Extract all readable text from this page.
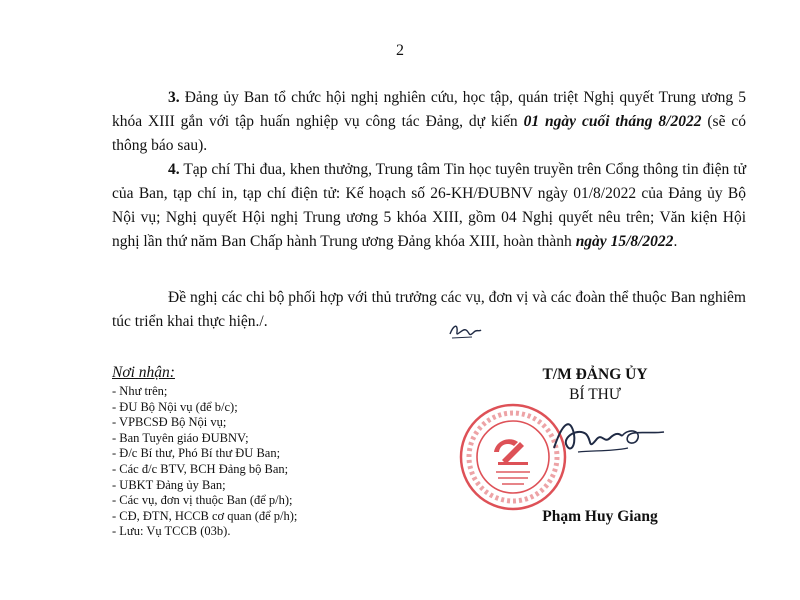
2

3. Đảng ủy Ban tổ chức hội nghị nghiên cứu, học tập, quán triệt Nghị quyết Trung ương 5 khóa XIII gắn với tập huấn nghiệp vụ công tác Đảng, dự kiến 01 ngày cuối tháng 8/2022 (sẽ có thông báo sau).

4. Tạp chí Thi đua, khen thưởng, Trung tâm Tin học tuyên truyền trên Cổng thông tin điện tử của Ban, tạp chí in, tạp chí điện tử: Kế hoạch số 26-KH/ĐUBNV ngày 01/8/2022 của Đảng ủy Bộ Nội vụ; Nghị quyết Hội nghị Trung ương 5 khóa XIII, gồm 04 Nghị quyết nêu trên; Văn kiện Hội nghị lần thứ năm Ban Chấp hành Trung ương Đảng khóa XIII, hoàn thành ngày 15/8/2022.

Đề nghị các chi bộ phối hợp với thủ trưởng các vụ, đơn vị và các đoàn thể thuộc Ban nghiêm túc triển khai thực hiện./.

Nơi nhận:
- Như trên;
- ĐU Bộ Nội vụ (để b/c);
- VPBCSĐ Bộ Nội vụ;
- Ban Tuyên giáo ĐUBNV;
- Đ/c Bí thư, Phó Bí thư ĐU Ban;
- Các đ/c BTV, BCH Đảng bộ Ban;
- UBKT Đảng ủy Ban;
- Các vụ, đơn vị thuộc Ban (để p/h);
- CĐ, ĐTN, HCCB cơ quan (để p/h);
- Lưu: Vụ TCCB (03b).
T/M ĐẢNG ỦY
BÍ THƯ
Phạm Huy Giang
